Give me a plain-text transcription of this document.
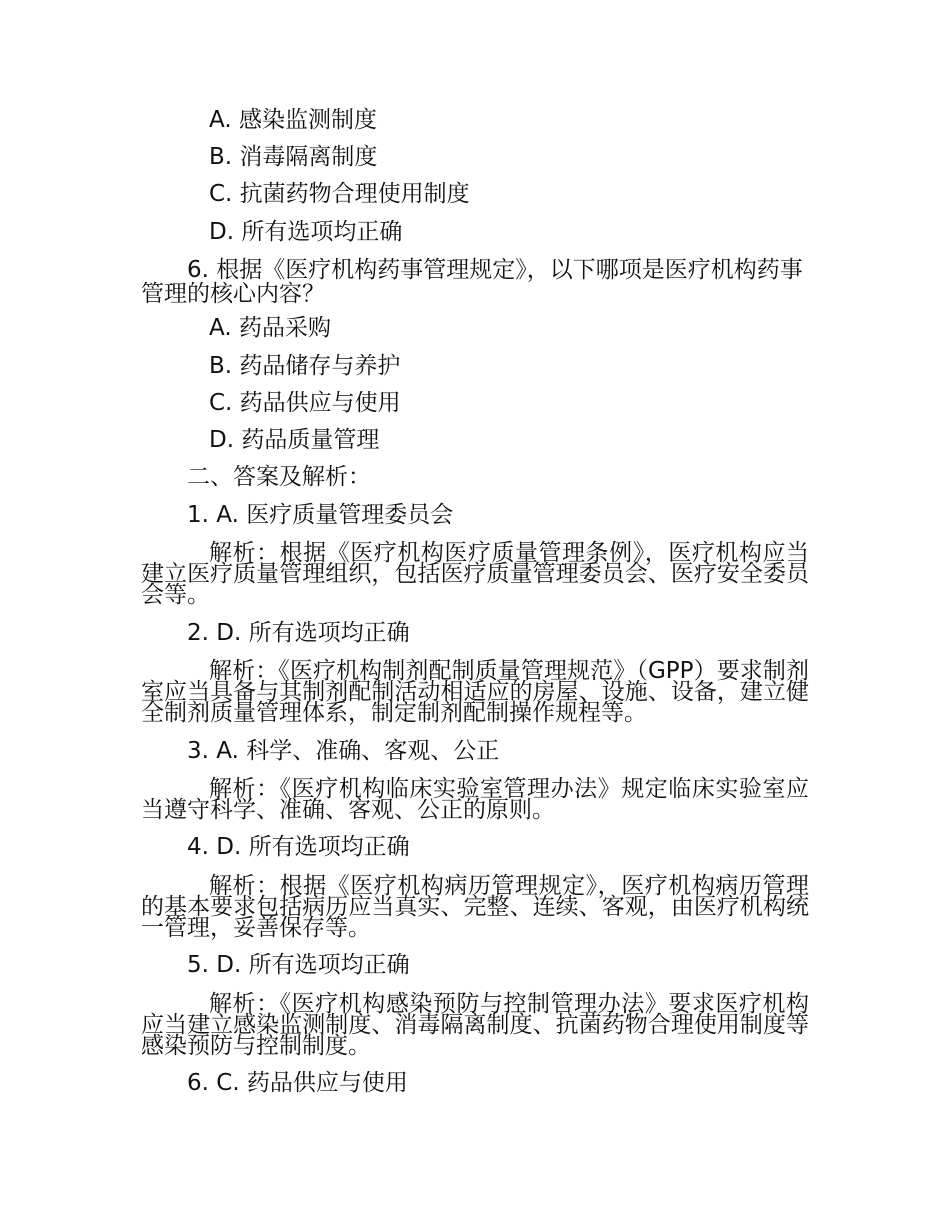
A. 感染监测制度
B. 消毒隔离制度
C. 抗菌药物合理使用制度
D. 所有选项均正确
6. 根据《医疗机构药事管理规定》，以下哪项是医疗机构药事管理的核心内容？
A. 药品采购
B. 药品储存与养护
C. 药品供应与使用
D. 药品质量管理
二、答案及解析：
1. A. 医疗质量管理委员会
解析：根据《医疗机构医疗质量管理条例》，医疗机构应当建立医疗质量管理组织，包括医疗质量管理委员会、医疗安全委员会等。
2. D. 所有选项均正确
解析：《医疗机构制剂配制质量管理规范》（GPP）要求制剂室应当具备与其制剂配制活动相适应的房屋、设施、设备，建立健全制剂质量管理体系，制定制剂配制操作规程等。
3. A. 科学、准确、客观、公正
解析：《医疗机构临床实验室管理办法》规定临床实验室应当遵守科学、准确、客观、公正的原则。
4. D. 所有选项均正确
解析：根据《医疗机构病历管理规定》，医疗机构病历管理的基本要求包括病历应当真实、完整、连续、客观，由医疗机构统一管理，妥善保存等。
5. D. 所有选项均正确
解析：《医疗机构感染预防与控制管理办法》要求医疗机构应当建立感染监测制度、消毒隔离制度、抗菌药物合理使用制度等感染预防与控制制度。
6. C. 药品供应与使用
